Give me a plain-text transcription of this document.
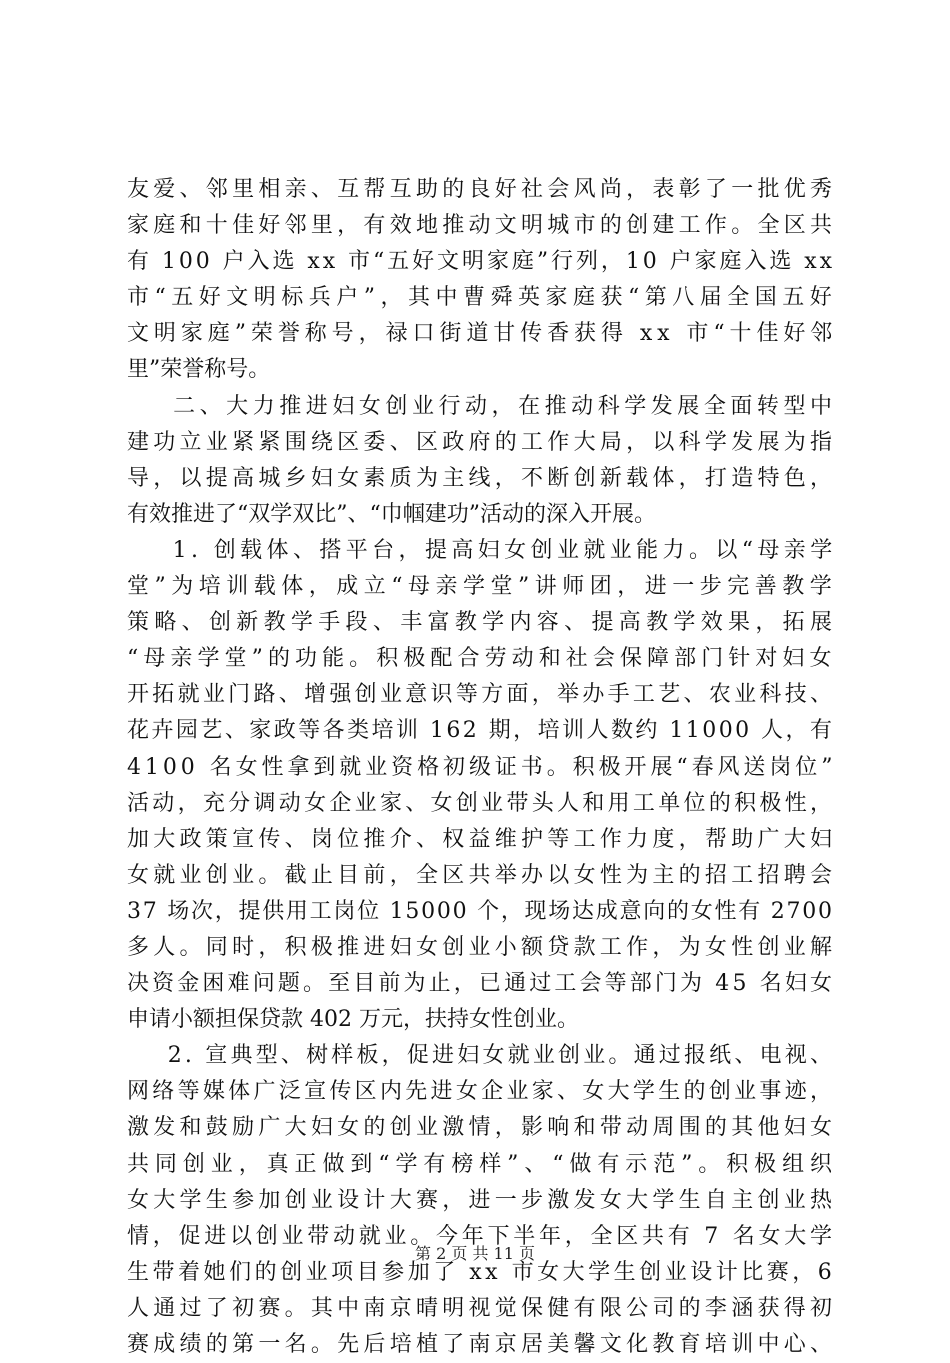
友爱、邻里相亲、互帮互助的良好社会风尚，表彰了一批优秀
家庭和十佳好邻里，有效地推动文明城市的创建工作。全区共
有 100 户入选 xx 市“五好文明家庭”行列，10 户家庭入选 xx
市“五好文明标兵户”，其中曹舜英家庭获“第八届全国五好
文明家庭”荣誉称号，禄口街道甘传香获得 xx 市“十佳好邻
里”荣誉称号。
二、大力推进妇女创业行动，在推动科学发展全面转型中
建功立业紧紧围绕区委、区政府的工作大局，以科学发展为指
导，以提高城乡妇女素质为主线，不断创新载体，打造特色，
有效推进了“双学双比”、“巾帼建功”活动的深入开展。
1. 创载体、搭平台，提高妇女创业就业能力。以“母亲学
堂”为培训载体，成立“母亲学堂”讲师团，进一步完善教学
策略、创新教学手段、丰富教学内容、提高教学效果，拓展
“母亲学堂”的功能。积极配合劳动和社会保障部门针对妇女
开拓就业门路、增强创业意识等方面，举办手工艺、农业科技、
花卉园艺、家政等各类培训 162 期，培训人数约 11000 人，有
4100 名女性拿到就业资格初级证书。积极开展“春风送岗位”
活动，充分调动女企业家、女创业带头人和用工单位的积极性，
加大政策宣传、岗位推介、权益维护等工作力度，帮助广大妇
女就业创业。截止目前，全区共举办以女性为主的招工招聘会
37 场次，提供用工岗位 15000 个，现场达成意向的女性有 2700
多人。同时，积极推进妇女创业小额贷款工作，为女性创业解
决资金困难问题。至目前为止，已通过工会等部门为 45 名妇女
申请小额担保贷款 402 万元，扶持女性创业。
2. 宣典型、树样板，促进妇女就业创业。通过报纸、电视、
网络等媒体广泛宣传区内先进女企业家、女大学生的创业事迹，
激发和鼓励广大妇女的创业激情，影响和带动周围的其他妇女
共同创业，真正做到“学有榜样”、“做有示范”。积极组织
女大学生参加创业设计大赛，进一步激发女大学生自主创业热
情，促进以创业带动就业。今年下半年，全区共有 7 名女大学
生带着她们的创业项目参加了 xx 市女大学生创业设计比赛，6
人通过了初赛。其中南京晴明视觉保健有限公司的李涵获得初
赛成绩的第一名。先后培植了南京居美馨文化教育培训中心、
第 2 页 共 11 页
